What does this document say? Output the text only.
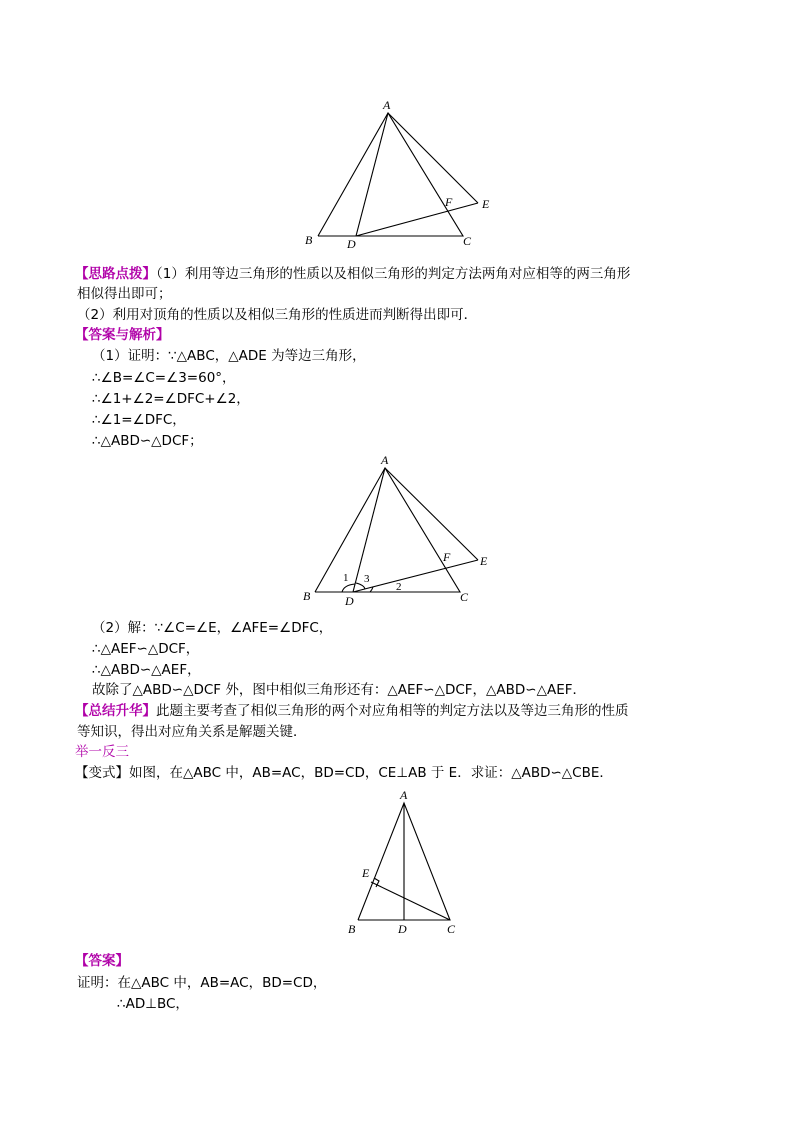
A
B	C
D
E
F
【思路点拨】（1）利用等边三角形的性质以及相似三角形的判定方法两角对应相等的两三角形
相似得出即可；
（2）利用对顶角的性质以及相似三角形的性质进而判断得出即可．
【答案与解析】
（1）证明：∵△ABC，△ADE 为等边三角形，
∴∠B=∠C=∠3=60°，
∴∠1+∠2=∠DFC+∠2，
∴∠1=∠DFC，
∴△ABD∽△DCF；
A
B	C
D
E
F
1 3
2
（2）解：∵∠C=∠E，∠AFE=∠DFC，
∴△AEF∽△DCF，
∴△ABD∽△AEF，
故除了△ABD∽△DCF 外，图中相似三角形还有：△AEF∽△DCF，△ABD∽△AEF．
【总结升华】此题主要考查了相似三角形的两个对应角相等的判定方法以及等边三角形的性质
等知识，得出对应角关系是解题关键．
举一反三
【变式】如图，在△ABC 中，AB=AC，BD=CD，CE⊥AB 于 E．求证：△ABD∽△CBE．
A
B	C
D
E
【答案】
证明：在△ABC 中，AB=AC，BD=CD，
∴AD⊥BC，
